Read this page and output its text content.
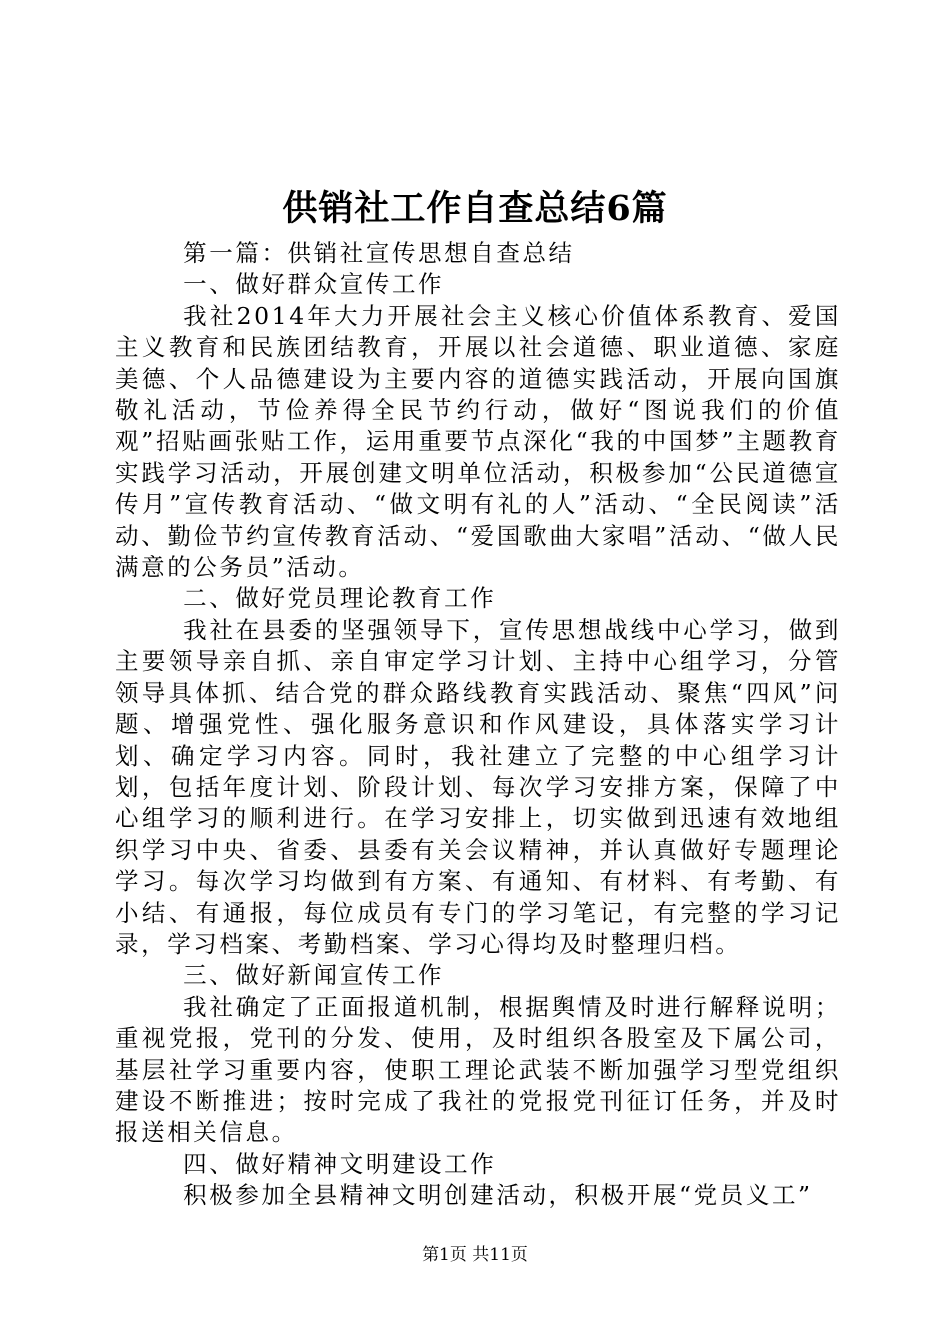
供销社工作自查总结6篇

第一篇：供销社宣传思想自查总结

一、做好群众宣传工作

我社2014年大力开展社会主义核心价值体系教育、爱国主义教育和民族团结教育，开展以社会道德、职业道德、家庭美德、个人品德建设为主要内容的道德实践活动，开展向国旗敬礼活动，节俭养得全民节约行动，做好“图说我们的价值观”招贴画张贴工作，运用重要节点深化“我的中国梦”主题教育实践学习活动，开展创建文明单位活动，积极参加“公民道德宣传月”宣传教育活动、“做文明有礼的人”活动、“全民阅读”活动、勤俭节约宣传教育活动、“爱国歌曲大家唱”活动、“做人民满意的公务员”活动。

二、做好党员理论教育工作

我社在县委的坚强领导下，宣传思想战线中心学习，做到主要领导亲自抓、亲自审定学习计划、主持中心组学习，分管领导具体抓、结合党的群众路线教育实践活动、聚焦“四风”问题、增强党性、强化服务意识和作风建设，具体落实学习计划、确定学习内容。同时，我社建立了完整的中心组学习计划，包括年度计划、阶段计划、每次学习安排方案，保障了中心组学习的顺利进行。在学习安排上，切实做到迅速有效地组织学习中央、省委、县委有关会议精神，并认真做好专题理论学习。每次学习均做到有方案、有通知、有材料、有考勤、有小结、有通报，每位成员有专门的学习笔记，有完整的学习记录，学习档案、考勤档案、学习心得均及时整理归档。

三、做好新闻宣传工作

我社确定了正面报道机制，根据舆情及时进行解释说明；重视党报，党刊的分发、使用，及时组织各股室及下属公司，基层社学习重要内容，使职工理论武装不断加强学习型党组织建设不断推进；按时完成了我社的党报党刊征订任务，并及时报送相关信息。

四、做好精神文明建设工作

积极参加全县精神文明创建活动，积极开展“党员义工”

第1页 共11页
